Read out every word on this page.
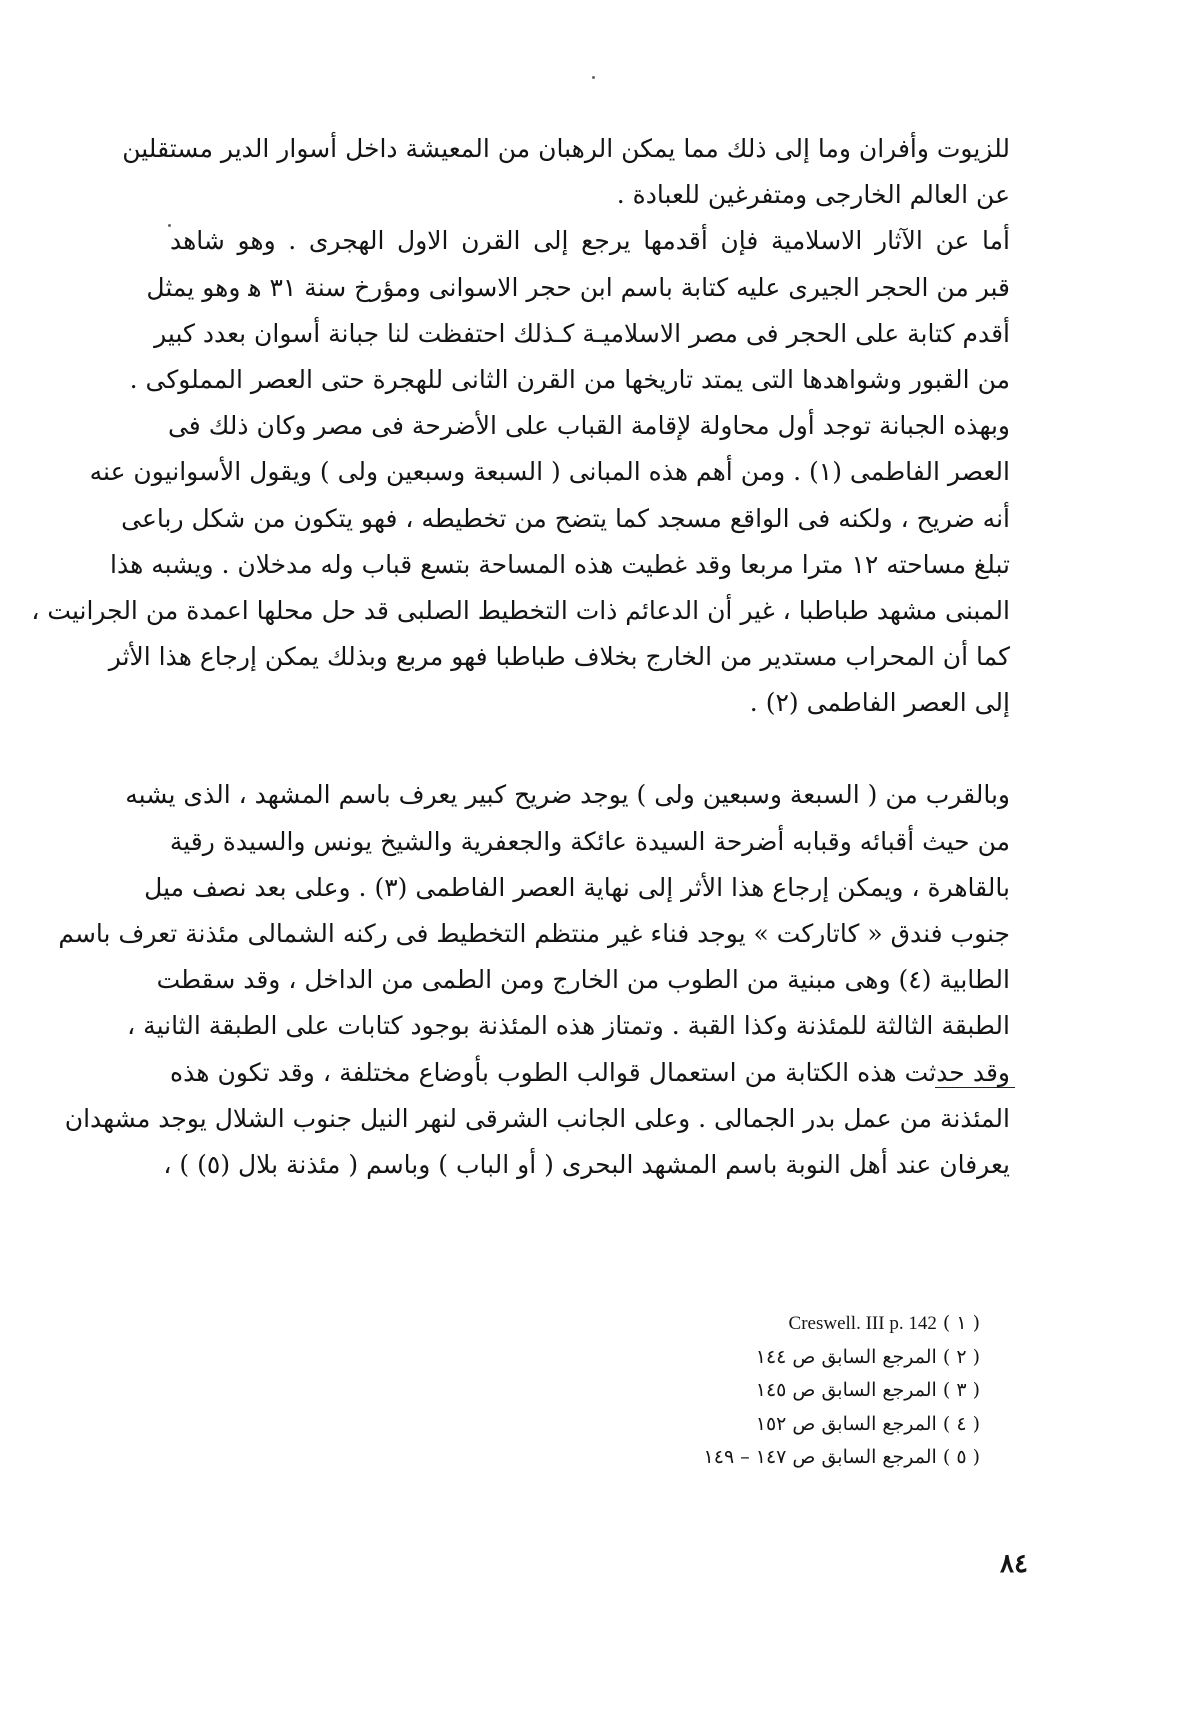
للزيوت وأفران وما إلى ذلك مما يمكن الرهبان من المعيشة داخل أسوار الدير مستقلين

عن العالم الخارجى ومتفرغين للعبادة .

أما عن الآثار الاسلامية فإن أقدمها يرجع إلى القرن الاول الهجرى . وهو شاهد

قبر من الحجر الجيرى عليه كتابة باسم ابن حجر الاسوانى ومؤرخ سنة ٣١ ﻫ وهو يمثل

أقدم كتابة على الحجر فى مصر الاسلاميـة كـذلك احتفظت لنا جبانة أسوان بعدد كبير

من القبور وشواهدها التى يمتد تاريخها من القرن الثانى للهجرة حتى العصر المملوكى .

وبهذه الجبانة توجد أول محاولة لإقامة القباب على الأضرحة فى مصر وكان ذلك فى

العصر الفاطمى (١) . ومن أهم هذه المبانى ( السبعة وسبعين ولى ) ويقول الأسوانيون عنه

أنه ضريح ، ولكنه فى الواقع مسجد كما يتضح من تخطيطه ، فهو يتكون من شكل رباعى

تبلغ مساحته ١٢ مترا مربعا وقد غطيت هذه المساحة بتسع قباب وله مدخلان . ويشبه هذا

المبنى مشهد طباطبا ، غير أن الدعائم ذات التخطيط الصلبى قد حل محلها اعمدة من الجرانيت ،

كما أن المحراب مستدير من الخارج بخلاف طباطبا فهو مربع وبذلك يمكن إرجاع هذا الأثر

إلى العصر الفاطمى (٢) .

وبالقرب من ( السبعة وسبعين ولى ) يوجد ضريح كبير يعرف باسم المشهد ، الذى يشبه

من حيث أقبائه وقبابه أضرحة السيدة عائكة والجعفرية والشيخ يونس والسيدة رقية

بالقاهرة ، ويمكن إرجاع هذا الأثر إلى نهاية العصر الفاطمى (٣) . وعلى بعد نصف ميل

جنوب فندق « كاتاركت » يوجد فناء غير منتظم التخطيط فى ركنه الشمالى مئذنة تعرف باسم

الطابية (٤) وهى مبنية من الطوب من الخارج ومن الطمى من الداخل ، وقد سقطت

الطبقة الثالثة للمئذنة وكذا القبة . وتمتاز هذه المئذنة بوجود كتابات على الطبقة الثانية ،

وقد حدثت هذه الكتابة من استعمال قوالب الطوب بأوضاع مختلفة ، وقد تكون هذه

المئذنة من عمل بدر الجمالى . وعلى الجانب الشرقى لنهر النيل جنوب الشلال يوجد مشهدان

يعرفان عند أهل النوبة باسم المشهد البحرى ( أو الباب ) وباسم ( مئذنة بلال (٥) ) ،

( ١ ) Creswell. III p. 142
( ٢ ) المرجع السابق ص ١٤٤
( ٣ ) المرجع السابق ص ١٤٥
( ٤ ) المرجع السابق ص ١٥٢
( ٥ ) المرجع السابق ص ١٤٧ – ١٤٩
٨٤
